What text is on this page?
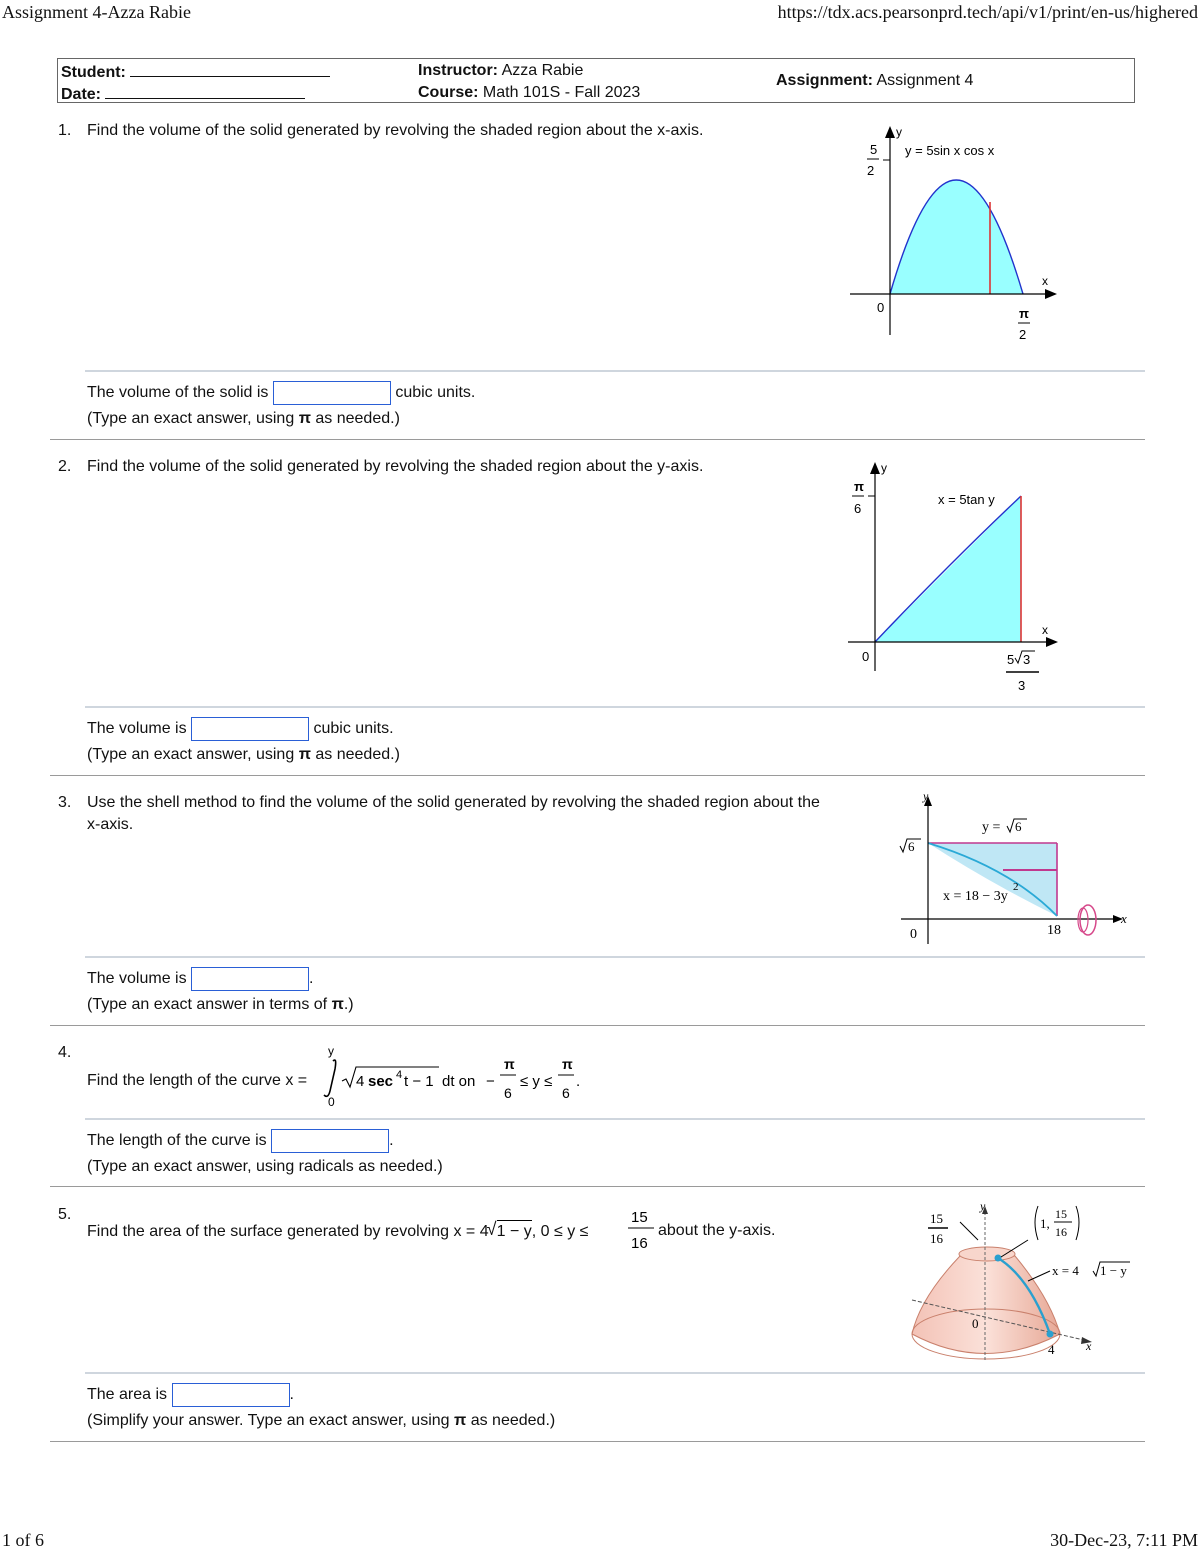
Assignment 4-Azza Rabie	https://tdx.acs.pearsonprd.tech/api/v1/print/en-us/highered
1 of 6	30-Dec-23, 7:11 PM
Student:
Date:
Instructor: Azza Rabie
Course: Math 101S - Fall 2023
Assignment: Assignment 4
1. Find the volume of the solid generated by revolving the shaded region about the x-axis.	y
x
0
y = 5sin x cos x
5
2
π
2
The volume of the solid is	cubic units.
(Type an exact answer, using π as needed.)
2. Find the volume of the solid generated by revolving the shaded region about the y-axis.	y
x
0
x = 5tan y
π
6
5 3
3
The volume is	cubic units.
(Type an exact answer, using π as needed.)
3. Use the shell method to find the volume of the solid generated by revolving the shaded region about the
x-axis.
y
x
0	18
6
y = 6
x = 18 − 3y
2
The volume is	.
(Type an exact answer in terms of π.)
4.
Find the length of the curve x =
y
0
4 sec 4 t − 1 dt on −
π
6
≤ y ≤
π
6
.
The length of the curve is	.
(Type an exact answer, using radicals as needed.)
5.
Find the area of the surface generated by revolving x = 4
√ 1 − y, 0 ≤ y ≤
15
16
about the y-axis.
y
x
0
4
15
16
1,
15
16
x = 4 1 − y
The area is	.
(Simplify your answer. Type an exact answer, using π as needed.)
